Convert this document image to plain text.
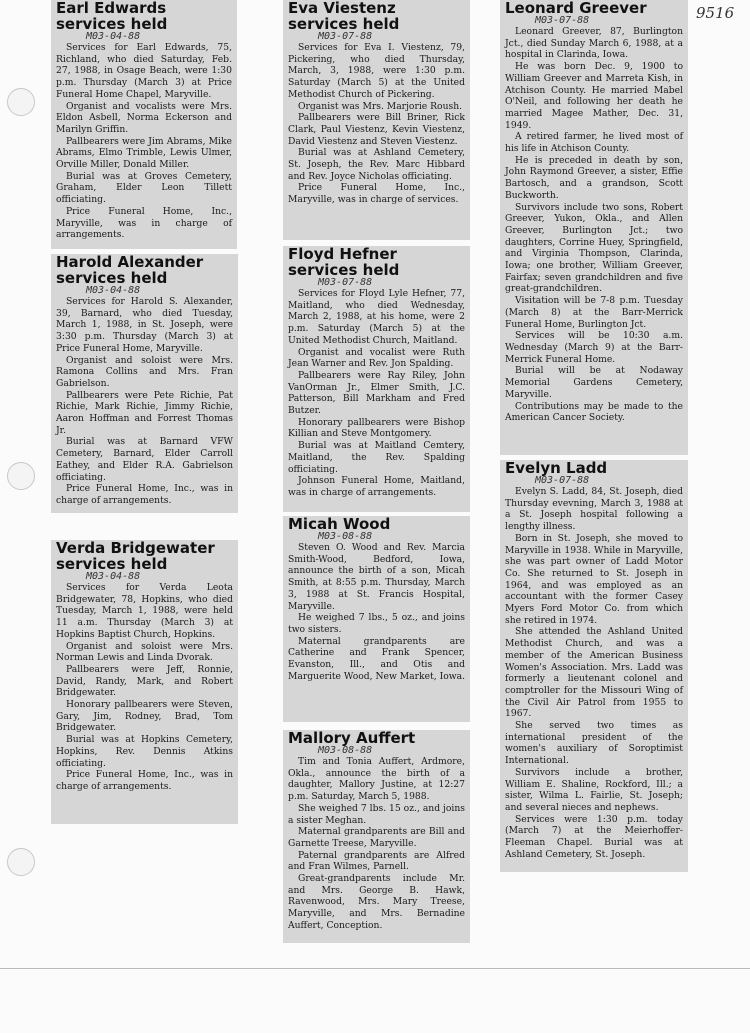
9516
Earl Edwards
services held
M03-04-88

Services for Earl Edwards, 75, Richland, who died Saturday, Feb. 27, 1988, in Osage Beach, were 1:30 p.m. Thursday (March 3) at Price Funeral Home Chapel, Maryville.

Organist and vocalists were Mrs. Eldon Asbell, Norma Eckerson and Marilyn Griffin.

Pallbearers were Jim Abrams, Mike Abrams, Elmo Trimble, Lewis Ulmer, Orville Miller, Donald Miller.

Burial was at Groves Cemetery, Graham, Elder Leon Tillett officiating.

Price Funeral Home, Inc., Maryville, was in charge of arrangements.

Harold Alexander
services held
M03-04-88

Services for Harold S. Alexander, 39, Barnard, who died Tuesday, March 1, 1988, in St. Joseph, were 3:30 p.m. Thursday (March 3) at Price Funeral Home, Maryville.

Organist and soloist were Mrs. Ramona Collins and Mrs. Fran Gabrielson.

Pallbearers were Pete Richie, Pat Richie, Mark Richie, Jimmy Richie, Aaron Hoffman and Forrest Thomas Jr.

Burial was at Barnard VFW Cemetery, Barnard, Elder Carroll Eathey, and Elder R.A. Gabrielson officiating.

Price Funeral Home, Inc., was in charge of arrangements.

Verda Bridgewater
services held
M03-04-88

Services for Verda Leota Bridgewater, 78, Hopkins, who died Tuesday, March 1, 1988, were held 11 a.m. Thursday (March 3) at Hopkins Baptist Church, Hopkins.

Organist and soloist were Mrs. Norman Lewis and Linda Dvorak.

Pallbearers were Jeff, Ronnie, David, Randy, Mark, and Robert Bridgewater.

Honorary pallbearers were Steven, Gary, Jim, Rodney, Brad, Tom Bridgewater.

Burial was at Hopkins Cemetery, Hopkins, Rev. Dennis Atkins officiating.

Price Funeral Home, Inc., was in charge of arrangements.

Eva Viestenz
services held
M03-07-88

Services for Eva I. Viestenz, 79, Pickering, who died Thursday, March, 3, 1988, were 1:30 p.m. Saturday (March 5) at the United Methodist Church of Pickering.

Organist was Mrs. Marjorie Roush.

Pallbearers were Bill Briner, Rick Clark, Paul Viestenz, Kevin Viestenz, David Viestenz and Steven Viestenz.

Burial was at Ashland Cemetery, St. Joseph, the Rev. Marc Hibbard and Rev. Joyce Nicholas officiating.

Price Funeral Home, Inc., Maryville, was in charge of services.

Floyd Hefner
services held
M03-07-88

Services for Floyd Lyle Hefner, 77, Maitland, who died Wednesday, March 2, 1988, at his home, were 2 p.m. Saturday (March 5) at the United Methodist Church, Maitland.

Organist and vocalist were Ruth Jean Warner and Rev. Jon Spalding.

Pallbearers were Ray Riley, John VanOrman Jr., Elmer Smith, J.C. Patterson, Bill Markham and Fred Butzer.

Honorary pallbearers were Bishop Killian and Steve Montgomery.

Burial was at Maitland Cemtery, Maitland, the Rev. Spalding officiating.

Johnson Funeral Home, Maitland, was in charge of arrangements.

Micah Wood
M03-08-88

Steven O. Wood and Rev. Marcia Smith-Wood, Bedford, Iowa, announce the birth of a son, Micah Smith, at 8:55 p.m. Thursday, March 3, 1988 at St. Francis Hospital, Maryville.

He weighed 7 lbs., 5 oz., and joins two sisters.

Maternal grandparents are Catherine and Frank Spencer, Evanston, Ill., and Otis and Marguerite Wood, New Market, Iowa.

Mallory Auffert
M03-08-88

Tim and Tonia Auffert, Ardmore, Okla., announce the birth of a daughter, Mallory Justine, at 12:27 p.m. Saturday, March 5, 1988.

She weighed 7 lbs. 15 oz., and joins a sister Meghan.

Maternal grandparents are Bill and Garnette Treese, Maryville.

Paternal grandparents are Alfred and Fran Wilmes, Parnell.

Great-grandparents include Mr. and Mrs. George B. Hawk, Ravenwood, Mrs. Mary Treese, Maryville, and Mrs. Bernadine Auffert, Conception.

Leonard Greever
M03-07-88

Leonard Greever, 87, Burlington Jct., died Sunday March 6, 1988, at a hospital in Clarinda, Iowa.

He was born Dec. 9, 1900 to William Greever and Marreta Kish, in Atchison County. He married Mabel O'Neil, and following her death he married Magee Mather, Dec. 31, 1949.

A retired farmer, he lived most of his life in Atchison County.

He is preceded in death by son, John Raymond Greever, a sister, Effie Bartosch, and a grandson, Scott Buckworth.

Survivors include two sons, Robert Greever, Yukon, Okla., and Allen Greever, Burlington Jct.; two daughters, Corrine Huey, Springfield, and Virginia Thompson, Clarinda, Iowa; one brother, William Greever, Fairfax; seven grandchildren and five great-grandchildren.

Visitation will be 7-8 p.m. Tuesday (March 8) at the Barr-Merrick Funeral Home, Burlington Jct.

Services will be 10:30 a.m. Wednesday (March 9) at the Barr-Merrick Funeral Home.

Burial will be at Nodaway Memorial Gardens Cemetery, Maryville.

Contributions may be made to the American Cancer Society.

Evelyn Ladd
M03-07-88

Evelyn S. Ladd, 84, St. Joseph, died Thursday evevning, March 3, 1988 at a St. Joseph hospital following a lengthy illness.

Born in St. Joseph, she moved to Maryville in 1938. While in Maryville, she was part owner of Ladd Motor Co. She returned to St. Joseph in 1964, and was employed as an accountant with the former Casey Myers Ford Motor Co. from which she retired in 1974.

She attended the Ashland United Methodist Church, and was a member of the American Business Women's Association. Mrs. Ladd was formerly a lieutenant colonel and comptroller for the Missouri Wing of the Civil Air Patrol from 1955 to 1967.

She served two times as international president of the women's auxiliary of Soroptimist International.

Survivors include a brother, William E. Shaline, Rockford, Ill.; a sister, Wilma L. Fairlie, St. Joseph; and several nieces and nephews.

Services were 1:30 p.m. today (March 7) at the Meierhoffer-Fleeman Chapel. Burial was at Ashland Cemetery, St. Joseph.
